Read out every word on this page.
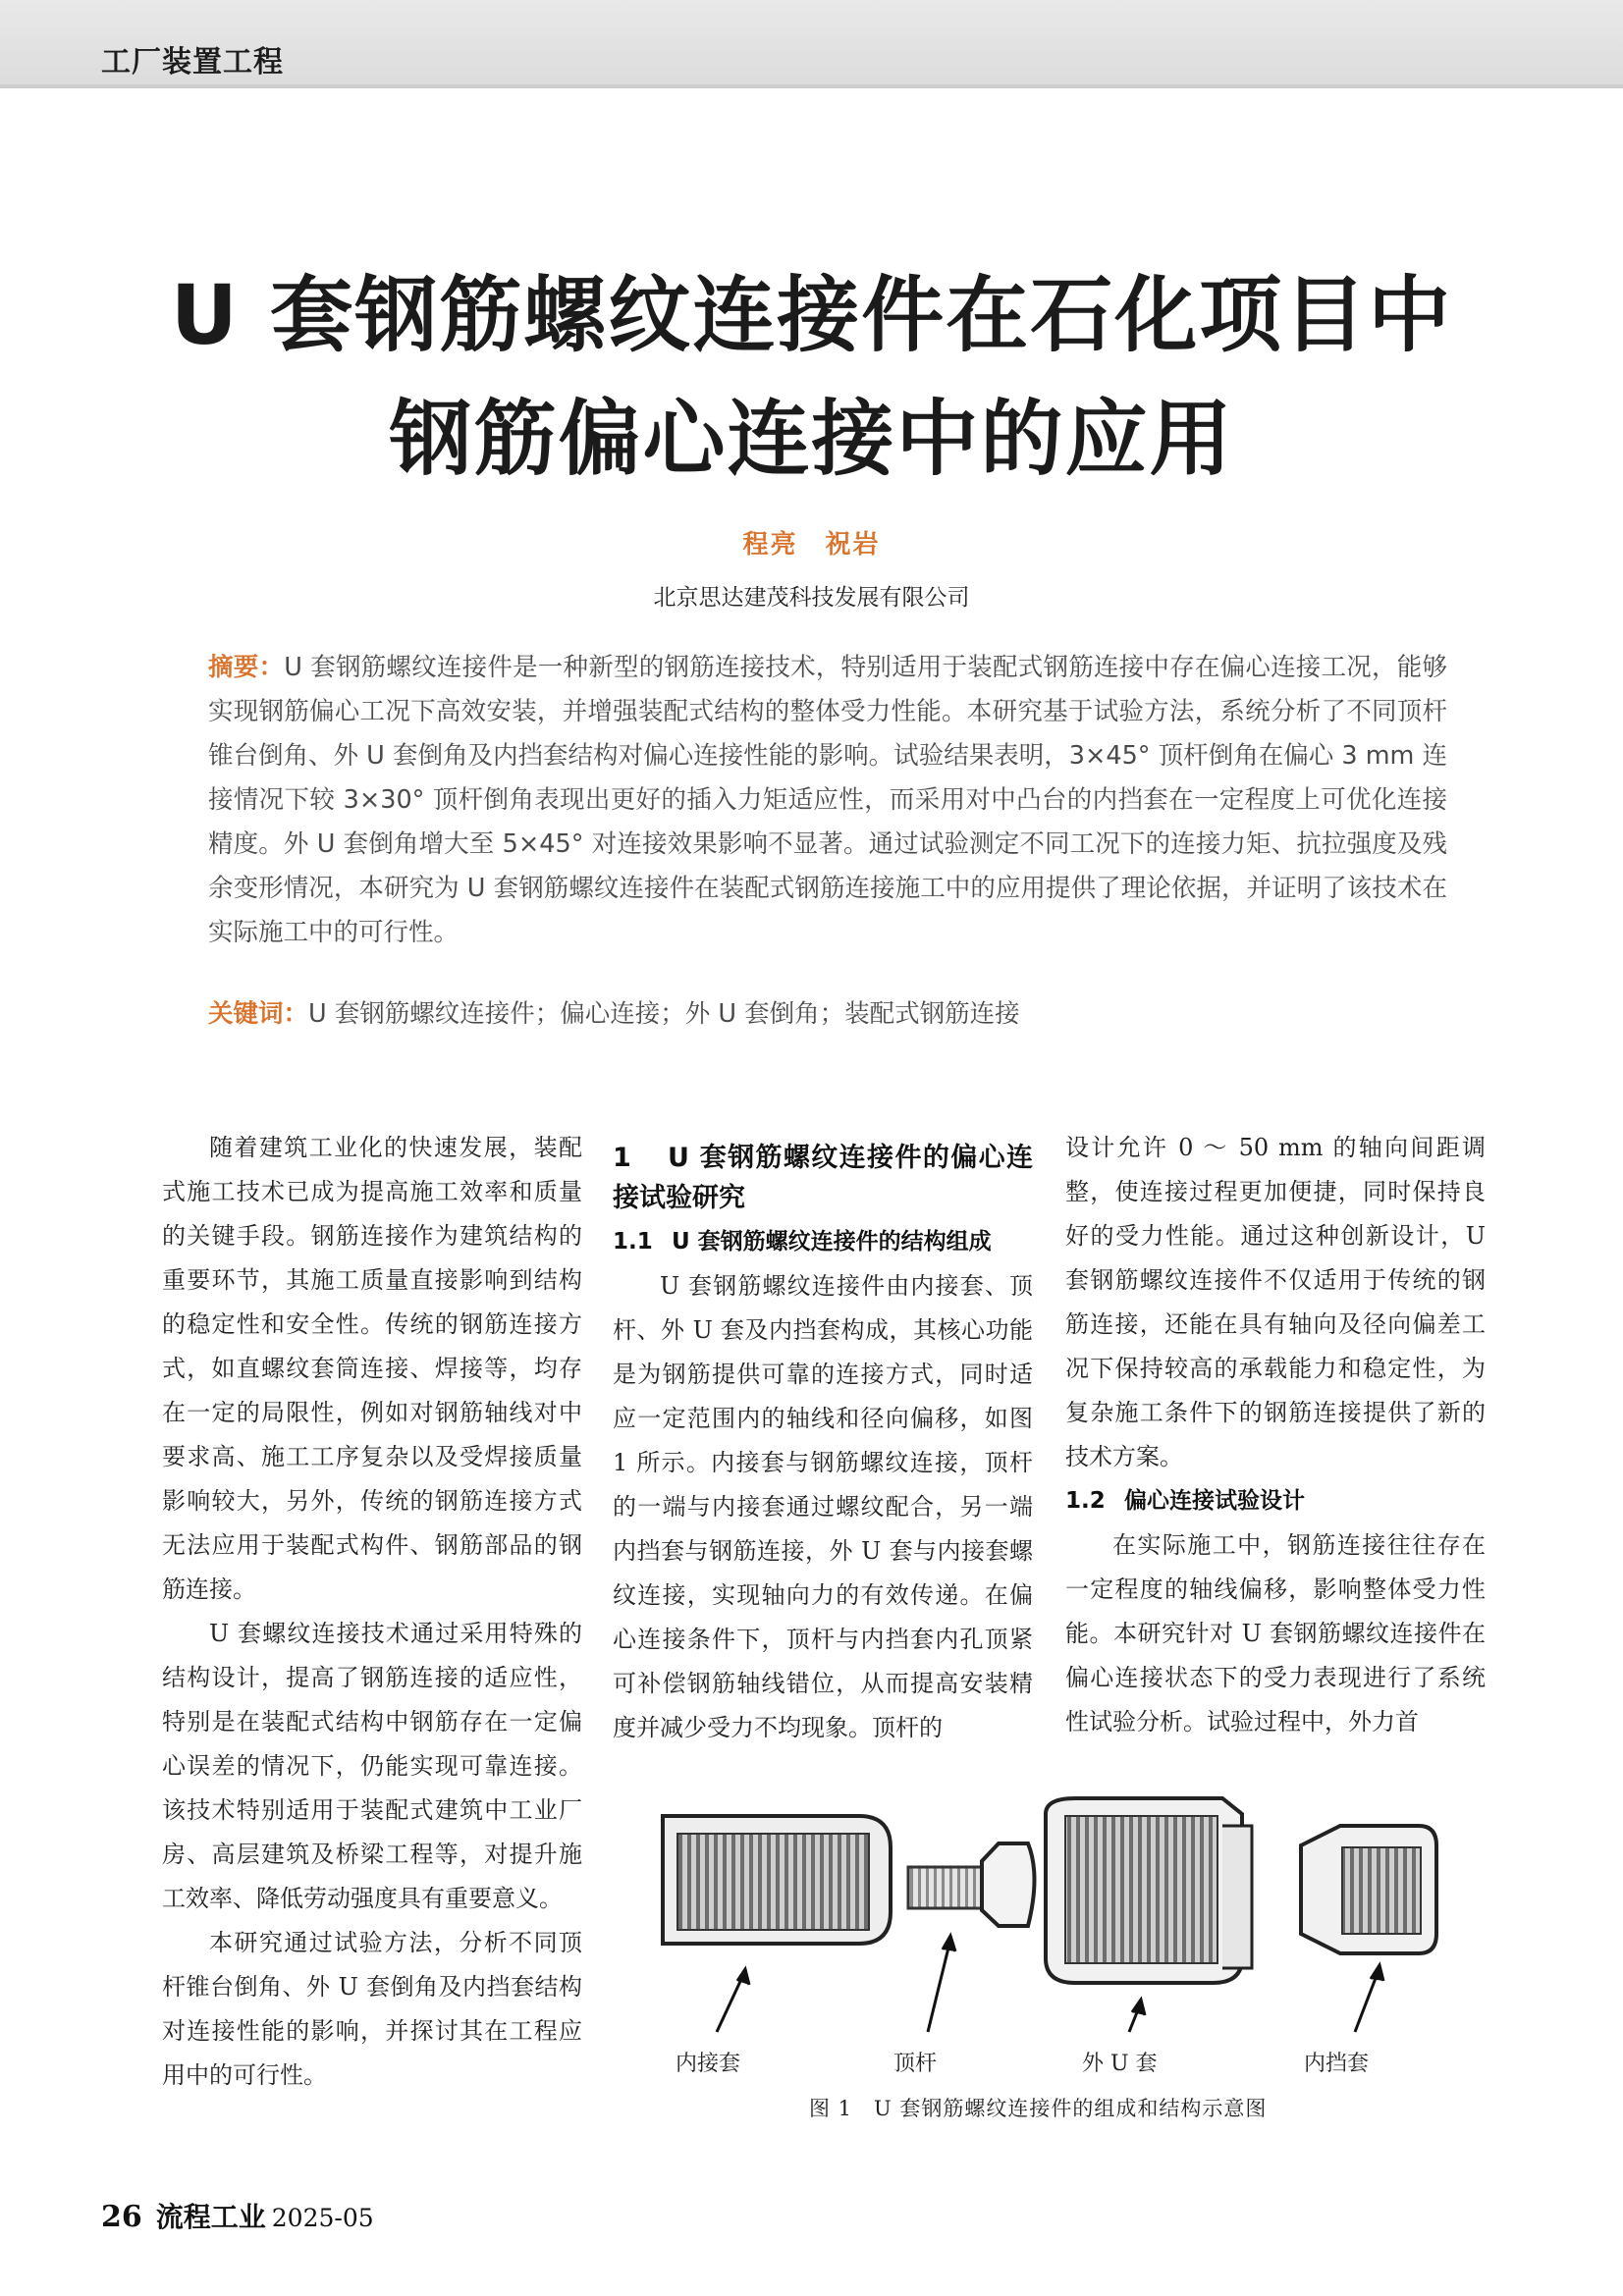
工厂装置工程
U 套钢筋螺纹连接件在石化项目中
钢筋偏心连接中的应用
程亮　祝岩
北京思达建茂科技发展有限公司
摘要：U 套钢筋螺纹连接件是一种新型的钢筋连接技术，特别适用于装配式钢筋连接中存在偏心连接工况，能够实现钢筋偏心工况下高效安装，并增强装配式结构的整体受力性能。本研究基于试验方法，系统分析了不同顶杆锥台倒角、外 U 套倒角及内挡套结构对偏心连接性能的影响。试验结果表明，3×45° 顶杆倒角在偏心 3 mm 连接情况下较 3×30° 顶杆倒角表现出更好的插入力矩适应性，而采用对中凸台的内挡套在一定程度上可优化连接精度。外 U 套倒角增大至 5×45° 对连接效果影响不显著。通过试验测定不同工况下的连接力矩、抗拉强度及残余变形情况，本研究为 U 套钢筋螺纹连接件在装配式钢筋连接施工中的应用提供了理论依据，并证明了该技术在实际施工中的可行性。
关键词：U 套钢筋螺纹连接件；偏心连接；外 U 套倒角；装配式钢筋连接

随着建筑工业化的快速发展，装配式施工技术已成为提高施工效率和质量的关键手段。钢筋连接作为建筑结构的重要环节，其施工质量直接影响到结构的稳定性和安全性。传统的钢筋连接方式，如直螺纹套筒连接、焊接等，均存在一定的局限性，例如对钢筋轴线对中要求高、施工工序复杂以及受焊接质量影响较大，另外，传统的钢筋连接方式无法应用于装配式构件、钢筋部品的钢筋连接。

U 套螺纹连接技术通过采用特殊的结构设计，提高了钢筋连接的适应性，特别是在装配式结构中钢筋存在一定偏心误差的情况下，仍能实现可靠连接。该技术特别适用于装配式建筑中工业厂房、高层建筑及桥梁工程等，对提升施工效率、降低劳动强度具有重要意义。

本研究通过试验方法，分析不同顶杆锥台倒角、外 U 套倒角及内挡套结构对连接性能的影响，并探讨其在工程应用中的可行性。

1 U 套钢筋螺纹连接件的偏心连接试验研究
1.1 U 套钢筋螺纹连接件的结构组成

U 套钢筋螺纹连接件由内接套、顶杆、外 U 套及内挡套构成，其核心功能是为钢筋提供可靠的连接方式，同时适应一定范围内的轴线和径向偏移，如图 1 所示。内接套与钢筋螺纹连接，顶杆的一端与内接套通过螺纹配合，另一端内挡套与钢筋连接，外 U 套与内接套螺纹连接，实现轴向力的有效传递。在偏心连接条件下，顶杆与内挡套内孔顶紧可补偿钢筋轴线错位，从而提高安装精度并减少受力不均现象。顶杆的

设计允许 0 ～ 50 mm 的轴向间距调整，使连接过程更加便捷，同时保持良好的受力性能。通过这种创新设计，U 套钢筋螺纹连接件不仅适用于传统的钢筋连接，还能在具有轴向及径向偏差工况下保持较高的承载能力和稳定性，为复杂施工条件下的钢筋连接提供了新的技术方案。

1.2 偏心连接试验设计

在实际施工中，钢筋连接往往存在一定程度的轴线偏移，影响整体受力性能。本研究针对 U 套钢筋螺纹连接件在偏心连接状态下的受力表现进行了系统性试验分析。试验过程中，外力首

内接套	顶杆	外 U 套	内挡套
图 1　U 套钢筋螺纹连接件的组成和结构示意图
26 流程工业 2025-05
